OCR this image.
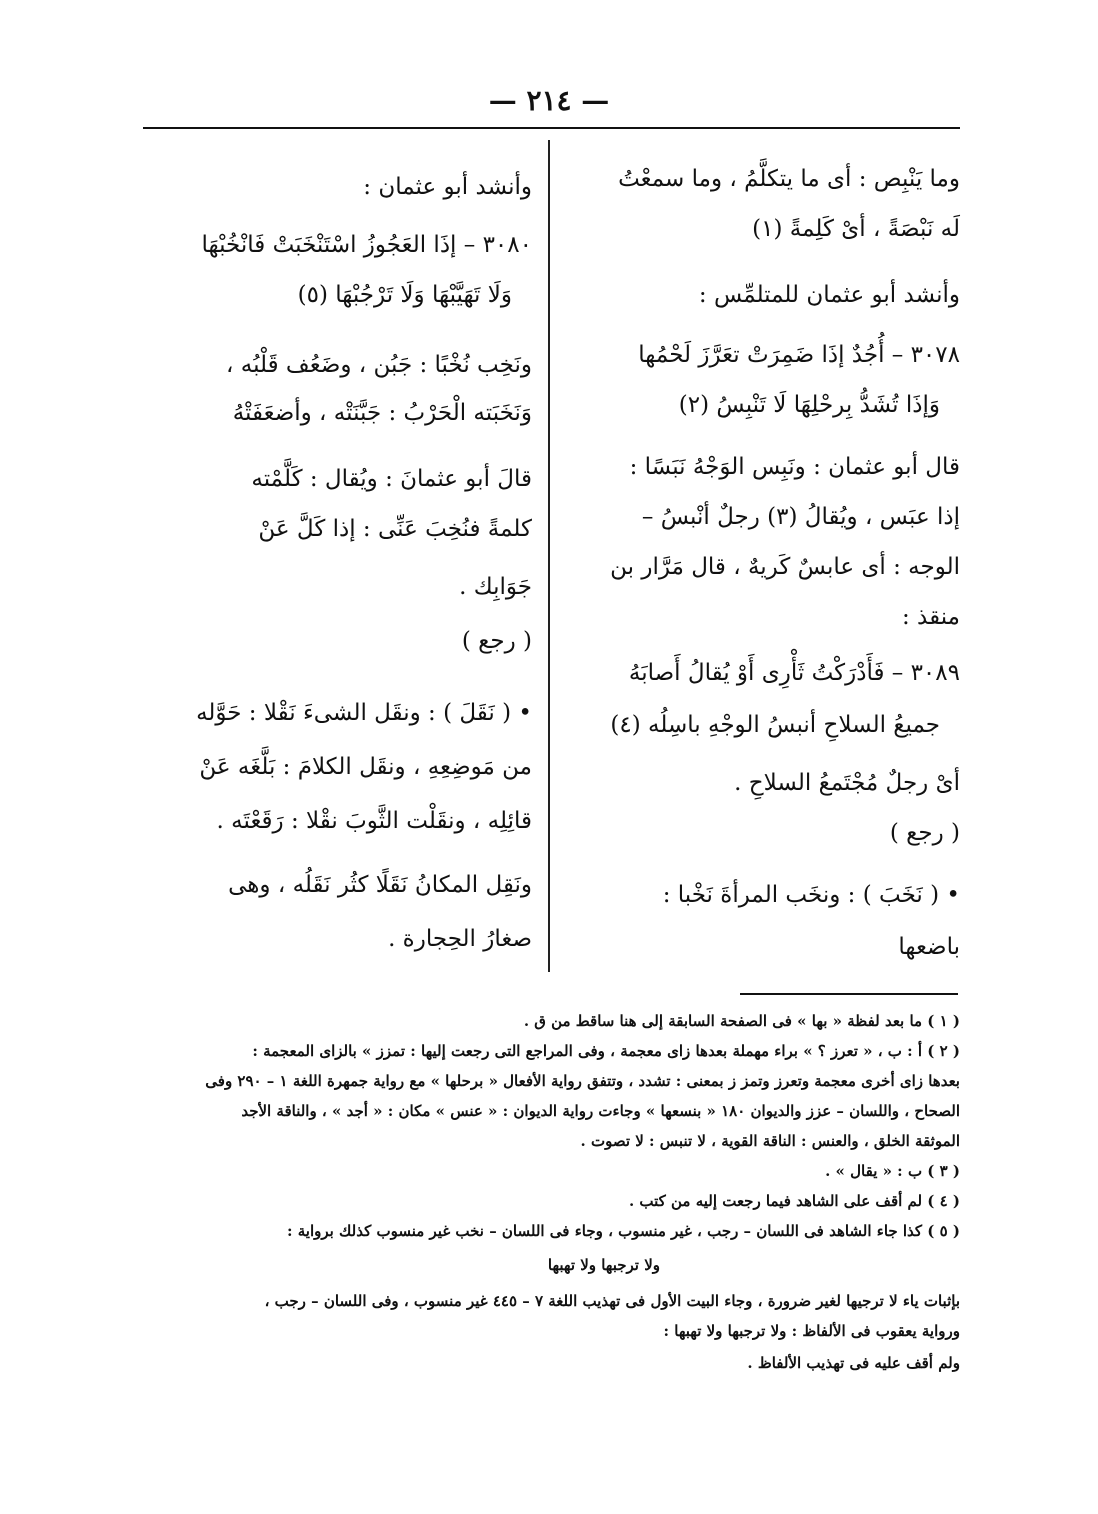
— ٢١٤ —
وما يَنْبِص : أى ما يتكلَّمُ ، وما سمعْتُ
لَه نَبْصَةً ، أىْ كَلِمةً (١)
وأنشد أبو عثمان للمتلمِّس :
٣٠٧٨ – أُجُدٌ إذَا ضَمِرَتْ تعَرَّزَ لَحْمُها
وَإذَا تُشَدُّ بِرحْلِهَا لَا تَنْبِسُ (٢)
قال أبو عثمان : ونَبِس الوَجْهُ نَبَسًا :
إذا عبَس ، ويُقالُ (٣) رجلٌ أنْبسُ –
الوجه : أى عابسٌ كَريهٌ ، قال مَرَّار بن
منقذ :
٣٠٨٩ – فَأَدْرَكْتُ ثَأْرِى أَوْ يُقالُ أَصابَهُ
جميعُ السلاحِ أنبسُ الوجْهِ باسِلُه (٤)
أىْ رجلٌ مُجْتَمعُ السلاحِ .
( رجع )
• ( نَخَبَ ) : ونخَب المرأةَ نَخْبا :
باضعها
وأنشد أبو عثمان :
٣٠٨٠ – إذَا العَجُوزُ اسْتَنْخَبَتْ فَانْخُبْهَا
وَلَا تَهَيَّبْهَا وَلَا تَرْجُبْهَا (٥)
ونَخِب نُخْبًا : جَبُن ، وضَعُف قَلْبُه ،
وَنَخَبَته الْحَرْبُ : جَبَّنَتْه ، وأضعَفَتْهُ
قالَ أبو عثمانَ : ويُقال : كَلَّمْته
كلمةً فنُخِبَ عَنِّى : إذا كَلَّ عَنْ
جَوَابِك .
( رجع )
• ( نَقَلَ ) : ونقَل الشىءَ نَقْلا : حَوَّله
من مَوضِعِهِ ، ونقَل الكلامَ : بَلَّغَه عَنْ
قائِلِه ، ونقَلْت الثَّوبَ نقْلا : رَقَعْتَه .
ونَقِل المكانُ نَقَلًا كثُر نَقَلُه ، وهى
صغارُ الحِجارة .
( ١ ) ما بعد لفظة « بها » فى الصفحة السابقة إلى هنا ساقط من ق .
( ٢ ) أ : ب ، « تعرز ؟ » براء مهملة بعدها زاى معجمة ، وفى المراجع التى رجعت إليها : تمزز » بالزاى المعجمة :
بعدها زاى أخرى معجمة وتعرز وتمز ز بمعنى : تشدد ، وتتفق رواية الأفعال « برحلها » مع رواية جمهرة اللغة ١ – ٢٩٠ وفى
الصحاح ، واللسان – عزز والديوان ١٨٠ « بنسعها » وجاءت رواية الديوان : « عنس » مكان : « أجد » ، والناقة الأجد
الموثقة الخلق ، والعنس : الناقة القوية ، لا تنبس : لا تصوت .
( ٣ ) ب : « يقال » .
( ٤ ) لم أقف على الشاهد فيما رجعت إليه من كتب .
( ٥ ) كذا جاء الشاهد فى اللسان – رجب ، غير منسوب ، وجاء فى اللسان – نخب غير منسوب كذلك برواية :
ولا ترجبها ولا تهبها
بإثبات ياء لا ترجيها لغير ضرورة ، وجاء البيت الأول فى تهذيب اللغة ٧ – ٤٤٥ غير منسوب ، وفى اللسان – رجب ،
ورواية يعقوب فى الألفاظ : ولا ترجبها ولا تهبها :
ولم أقف عليه فى تهذيب الألفاظ .
